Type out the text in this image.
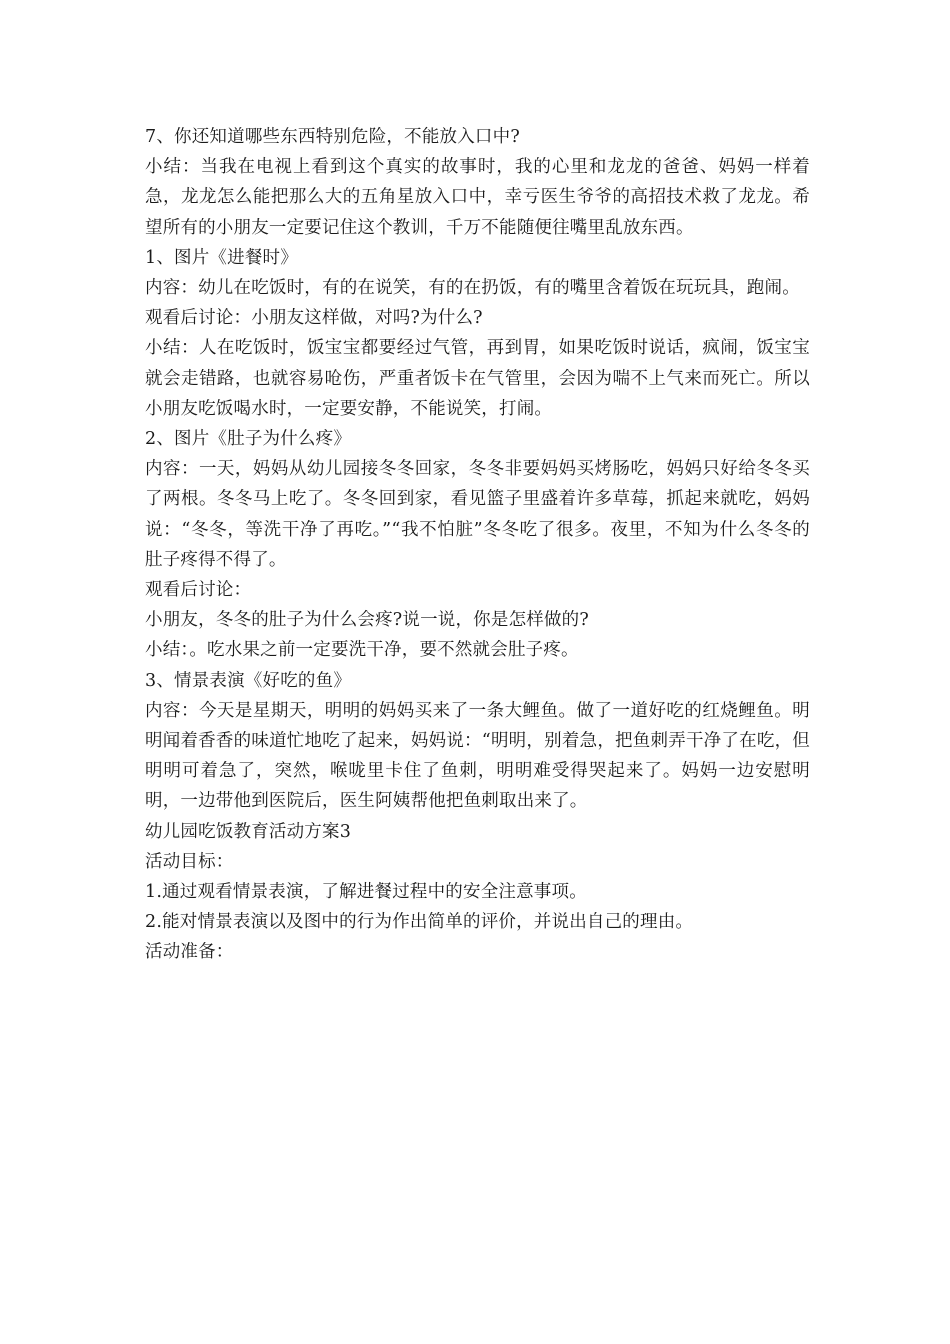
7、你还知道哪些东西特别危险，不能放入口中?

小结：当我在电视上看到这个真实的故事时，我的心里和龙龙的爸爸、妈妈一样着急，龙龙怎么能把那么大的五角星放入口中，幸亏医生爷爷的高招技术救了龙龙。希望所有的小朋友一定要记住这个教训，千万不能随便往嘴里乱放东西。

1、图片《进餐时》

内容：幼儿在吃饭时，有的在说笑，有的在扔饭，有的嘴里含着饭在玩玩具，跑闹。

观看后讨论：小朋友这样做，对吗?为什么?

小结：人在吃饭时，饭宝宝都要经过气管，再到胃，如果吃饭时说话，疯闹，饭宝宝就会走错路，也就容易呛伤，严重者饭卡在气管里，会因为喘不上气来而死亡。所以小朋友吃饭喝水时，一定要安静，不能说笑，打闹。

2、图片《肚子为什么疼》

内容：一天，妈妈从幼儿园接冬冬回家，冬冬非要妈妈买烤肠吃，妈妈只好给冬冬买了两根。冬冬马上吃了。冬冬回到家，看见篮子里盛着许多草莓，抓起来就吃，妈妈说：“冬冬，等洗干净了再吃。”“我不怕脏”冬冬吃了很多。夜里，不知为什么冬冬的肚子疼得不得了。

观看后讨论：

小朋友，冬冬的肚子为什么会疼?说一说，你是怎样做的?

小结：。吃水果之前一定要洗干净，要不然就会肚子疼。

3、情景表演《好吃的鱼》

内容：今天是星期天，明明的妈妈买来了一条大鲤鱼。做了一道好吃的红烧鲤鱼。明明闻着香香的味道忙地吃了起来，妈妈说：“明明，别着急，把鱼刺弄干净了在吃，但明明可着急了，突然，喉咙里卡住了鱼刺，明明难受得哭起来了。妈妈一边安慰明明，一边带他到医院后，医生阿姨帮他把鱼刺取出来了。

幼儿园吃饭教育活动方案3

活动目标：

1.通过观看情景表演，了解进餐过程中的安全注意事项。

2.能对情景表演以及图中的行为作出简单的评价，并说出自己的理由。

活动准备：
